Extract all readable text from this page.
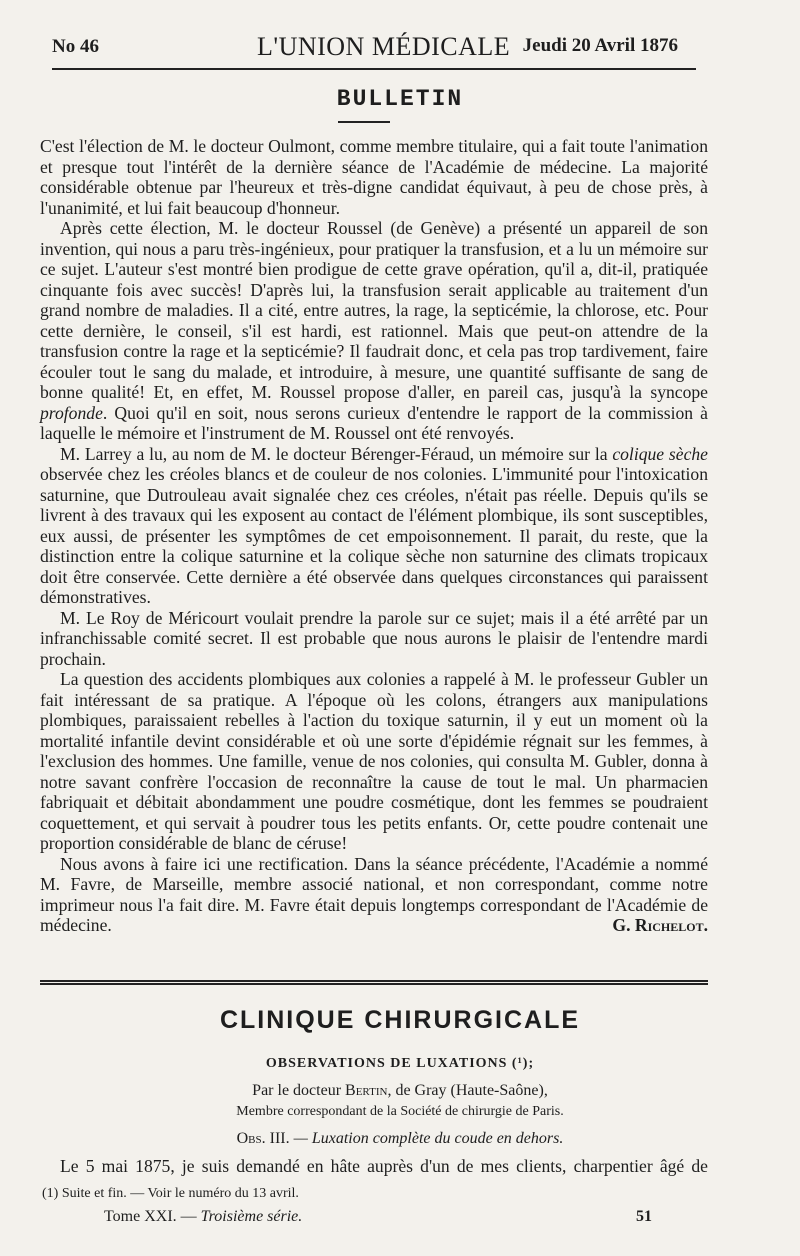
No 46	L'UNION MÉDICALE Jeudi 20 Avril 1876
BULLETIN

C'est l'élection de M. le docteur Oulmont, comme membre titulaire, qui a fait toute l'animation et presque tout l'intérêt de la dernière séance de l'Académie de médecine. La majorité considérable obtenue par l'heureux et très-digne candidat équivaut, à peu de chose près, à l'unanimité, et lui fait beaucoup d'honneur.

Après cette élection, M. le docteur Roussel (de Genève) a présenté un appareil de son invention, qui nous a paru très-ingénieux, pour pratiquer la transfusion, et a lu un mémoire sur ce sujet. L'auteur s'est montré bien prodigue de cette grave opération, qu'il a, dit-il, pratiquée cinquante fois avec succès! D'après lui, la transfusion serait applicable au traitement d'un grand nombre de maladies. Il a cité, entre autres, la rage, la septicémie, la chlorose, etc. Pour cette dernière, le conseil, s'il est hardi, est rationnel. Mais que peut-on attendre de la transfusion contre la rage et la septicémie? Il faudrait donc, et cela pas trop tardivement, faire écouler tout le sang du malade, et introduire, à mesure, une quantité suffisante de sang de bonne qualité! Et, en effet, M. Roussel propose d'aller, en pareil cas, jusqu'à la syncope profonde. Quoi qu'il en soit, nous serons curieux d'entendre le rapport de la commission à laquelle le mémoire et l'instrument de M. Roussel ont été renvoyés.

M. Larrey a lu, au nom de M. le docteur Bérenger-Féraud, un mémoire sur la colique sèche observée chez les créoles blancs et de couleur de nos colonies. L'immunité pour l'intoxication saturnine, que Dutrouleau avait signalée chez ces créoles, n'était pas réelle. Depuis qu'ils se livrent à des travaux qui les exposent au contact de l'élément plombique, ils sont susceptibles, eux aussi, de présenter les symptômes de cet empoisonnement. Il parait, du reste, que la distinction entre la colique saturnine et la colique sèche non saturnine des climats tropicaux doit être conservée. Cette dernière a été observée dans quelques circonstances qui paraissent démonstratives.

M. Le Roy de Méricourt voulait prendre la parole sur ce sujet; mais il a été arrêté par un infranchissable comité secret. Il est probable que nous aurons le plaisir de l'entendre mardi prochain.

La question des accidents plombiques aux colonies a rappelé à M. le professeur Gubler un fait intéressant de sa pratique. A l'époque où les colons, étrangers aux manipulations plombiques, paraissaient rebelles à l'action du toxique saturnin, il y eut un moment où la mortalité infantile devint considérable et où une sorte d'épidémie régnait sur les femmes, à l'exclusion des hommes. Une famille, venue de nos colonies, qui consulta M. Gubler, donna à notre savant confrère l'occasion de reconnaître la cause de tout le mal. Un pharmacien fabriquait et débitait abondamment une poudre cosmétique, dont les femmes se poudraient coquettement, et qui servait à poudrer tous les petits enfants. Or, cette poudre contenait une proportion considérable de blanc de céruse!

Nous avons à faire ici une rectification. Dans la séance précédente, l'Académie a nommé M. Favre, de Marseille, membre associé national, et non correspondant, comme notre imprimeur nous l'a fait dire. M. Favre était depuis longtemps correspondant de l'Académie de médecine.	G. Richelot.

CLINIQUE CHIRURGICALE
OBSERVATIONS DE LUXATIONS (¹);
Par le docteur Bertin, de Gray (Haute-Saône),
Membre correspondant de la Société de chirurgie de Paris.
Obs. III. — Luxation complète du coude en dehors.
Le 5 mai 1875, je suis demandé en hâte auprès d'un de mes clients, charpentier âgé de
(1) Suite et fin. — Voir le numéro du 13 avril.
Tome XXI. — Troisième série.	51
